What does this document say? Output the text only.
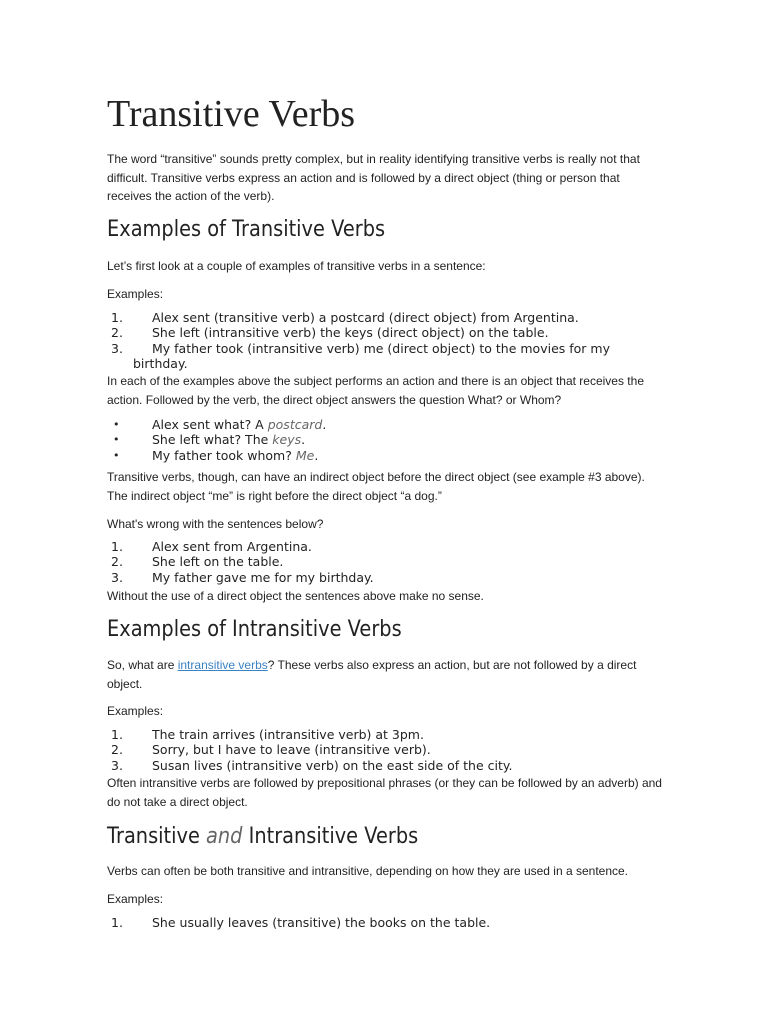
Transitive Verbs

The word “transitive” sounds pretty complex, but in reality identifying transitive verbs is really not that difficult. Transitive verbs express an action and is followed by a direct object (thing or person that receives the action of the verb).

Examples of Transitive Verbs

Let’s first look at a couple of examples of transitive verbs in a sentence:

Examples:

1. Alex sent (transitive verb) a postcard (direct object) from Argentina.
2. She left (intransitive verb) the keys (direct object) on the table.
3. My father took (intransitive verb) me (direct object) to the movies for my
birthday.

In each of the examples above the subject performs an action and there is an object that receives the action. Followed by the verb, the direct object answers the question What? or Whom?

•	Alex sent what? A postcard.
•	She left what? The keys.
•	My father took whom? Me.

Transitive verbs, though, can have an indirect object before the direct object (see example #3 above). The indirect object “me” is right before the direct object “a dog.”

What's wrong with the sentences below?

1. Alex sent from Argentina.
2. She left on the table.
3. My father gave me for my birthday.

Without the use of a direct object the sentences above make no sense.

Examples of Intransitive Verbs

So, what are intransitive verbs? These verbs also express an action, but are not followed by a direct object.

Examples:

1. The train arrives (intransitive verb) at 3pm.
2. Sorry, but I have to leave (intransitive verb).
3. Susan lives (intransitive verb) on the east side of the city.

Often intransitive verbs are followed by prepositional phrases (or they can be followed by an adverb) and do not take a direct object.

Transitive and Intransitive Verbs

Verbs can often be both transitive and intransitive, depending on how they are used in a sentence.

Examples:

1. She usually leaves (transitive) the books on the table.
